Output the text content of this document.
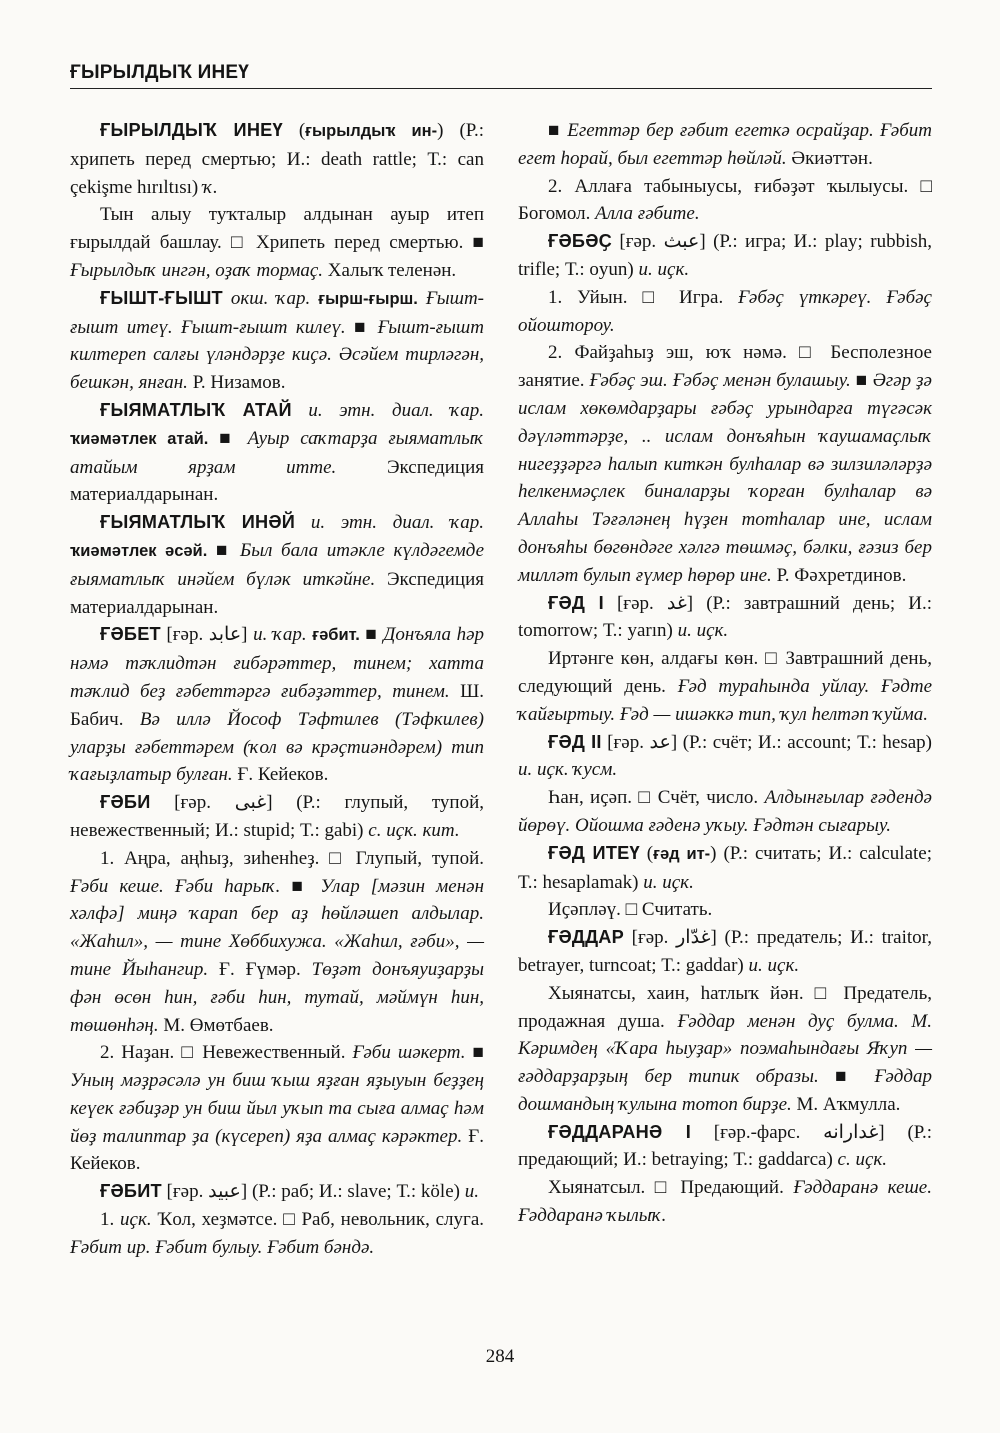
ҒЫРЫЛДЫҠ ИНЕҮ

ҒЫРЫЛДЫҠ ИНЕҮ (ғырылдыҡ ин-) (Р.: хрипеть перед смертью; И.: death rattle; Т.: can çekişme hırıltısı) ҡ.

Тын алыу туҡталыр алдынан ауыр итеп ғырылдай башлау. □ Хрипеть перед смертью. ■ Ғырылдыҡ ингән, оҙаҡ тормаҫ. Халыҡ теленән.

ҒЫШТ-ҒЫШТ окш. ҡар. ғырш-ғырш. Ғышт-ғышт итеү. Ғышт-ғышт килеү. ■ Ғышт-ғышт килтереп салғы үләндәрҙе киҫә. Әсәйем тирләгән, бешкән, янған. Р. Низамов.

ҒЫЯМАТЛЫҠ АТАЙ и. этн. диал. ҡар. ҡиәмәтлек атай. ■ Ауыр саҡтарҙа ғыяматлыҡ атайым ярҙам итте. Экспедиция материалдарынан.

ҒЫЯМАТЛЫҠ ИНӘЙ и. этн. диал. ҡар. ҡиәмәтлек әсәй. ■ Был бала итәкле күлдәгемде ғыяматлыҡ инәйем бүләк иткәйне. Экспедиция материалдарынан.

ҒӘБЕТ [ғәр. عابد] и. ҡар. ғәбит. ■ Донъяла һәр нәмә тәҡлидтән ғибәрәттер, тинем; хатта тәҡлид беҙ ғәбеттәргә ғибәҙәттер, тинем. Ш. Бабич. Вә иллә Йософ Тәфтилев (Тәфкилев) уларҙы ғәбеттәрем (ҡол вә крәҫтиәндәрем) тип ҡағыҙлатыр булған. Ғ. Кейеков.

ҒӘБИ [ғәр. غبی] (Р.: глупый, тупой, невежественный; И.: stupid; Т.: gabi) с. иҫк. кит.

1. Аңра, аңһыҙ, зиһенһеҙ. □ Глупый, тупой. Ғәби кеше. Ғәби һарыҡ. ■ Улар [мәзин менән хәлфә] миңә ҡарап бер аҙ һөйләшеп алдылар. «Жаһил», — тине Хөббихужа. «Жаһил, ғәби», — тине Йыһангир. Ғ. Ғүмәр. Төҙәт донъяуиҙарҙы фән өсөн һин, ғәби һин, тутай, мәймүн һин, төшөнһәң. М. Өмөтбаев.

2. Наҙан. □ Невежественный. Ғәби шәкерт. ■ Уның мәҙрәсәлә ун биш ҡыш яҙған яҙыуын беҙҙең кеүек ғәбиҙәр ун биш йыл уҡып та сыға алмаҫ һәм йөҙ талиптар ҙа (күсереп) яҙа алмаҫ кәрәктер. Ғ. Кейеков.

ҒӘБИТ [ғәр. عبيد] (Р.: раб; И.: slave; Т.: köle) и.

1. иҫк. Ҡол, хеҙмәтсе. □ Раб, невольник, слуга. Ғәбит ир. Ғәбит булыу. Ғәбит бәндә.

■ Егеттәр бер ғәбит егеткә осрайҙар. Ғәбит егет һорай, был егеттәр һөйләй. Әкиәттән.

2. Аллаға табыныусы, ғибәҙәт ҡылыусы. □ Богомол. Алла ғәбите.

ҒӘБӘҪ [ғәр. عبث] (Р.: игра; И.: play; rubbish, trifle; Т.: oyun) и. иҫк.

1. Уйын. □ Игра. Ғәбәҫ үткәреү. Ғәбәҫ ойоштороу.

2. Файҙаһыҙ эш, юҡ нәмә. □ Бесполезное занятие. Ғәбәҫ эш. Ғәбәҫ менән булашыу. ■ Әгәр ҙә ислам хөкөмдарҙары ғәбәҫ урындарға түгәсәк дәүләттәрҙе, .. ислам донъяһын ҡаушамаҫлыҡ нигеҙҙәргә һалып киткән булһалар вә зилзиләләрҙә һелкенмәҫлек биналарҙы ҡорған булһалар вә Аллаһы Тәғәләнең һүҙен тотһалар ине, ислам донъяһы бөгөндәге хәлгә төшмәҫ, бәлки, ғәзиз бер милләт булып ғүмер һөрөр ине. Р. Фәхретдинов.

ҒӘД I [ғәр. غد] (Р.: завтрашний день; И.: tomorrow; Т.: yarın) и. иҫк.

Иртәнге көн, алдағы көн. □ Завтрашний день, следующий день. Ғәд тураһында уйлау. Ғәдте ҡайғыртыу. Ғәд — ишәккә тип, ҡул һелтәп ҡуйма.

ҒӘД II [ғәр. عد] (Р.: счёт; И.: account; Т.: hesap) и. иҫк. ҡусм.

Һан, иҫәп. □ Счёт, число. Алдынғылар ғәдендә йөрөү. Ойошма ғәденә уҡыу. Ғәдтән сығарыу.

ҒӘД ИТЕҮ (ғәд ит-) (Р.: считать; И.: calculate; Т.: hesaplamak) и. иҫк.

Иҫәпләү. □ Считать.

ҒӘДДАР [ғәр. غدّار] (Р.: предатель; И.: traitor, betrayer, turncoat; Т.: gaddar) и. иҫк.

Хыянатсы, хаин, һатлыҡ йән. □ Предатель, продажная душа. Ғәддар менән дуҫ булма. М. Кәримдең «Ҡара һыуҙар» поэмаһындағы Яҡуп — ғәддарҙарҙың бер типик образы. ■ Ғәддар дошмандың ҡулына тотоп бирҙе. М. Аҡмулла.

ҒӘДДАРАНӘ I [ғәр.-фарс. غدارانه] (Р.: предающий; И.: betraying; Т.: gaddarca) с. иҫк.

Хыянатсыл. □ Предающий. Ғәддаранә кеше. Ғәддаранә ҡылыҡ.

284
